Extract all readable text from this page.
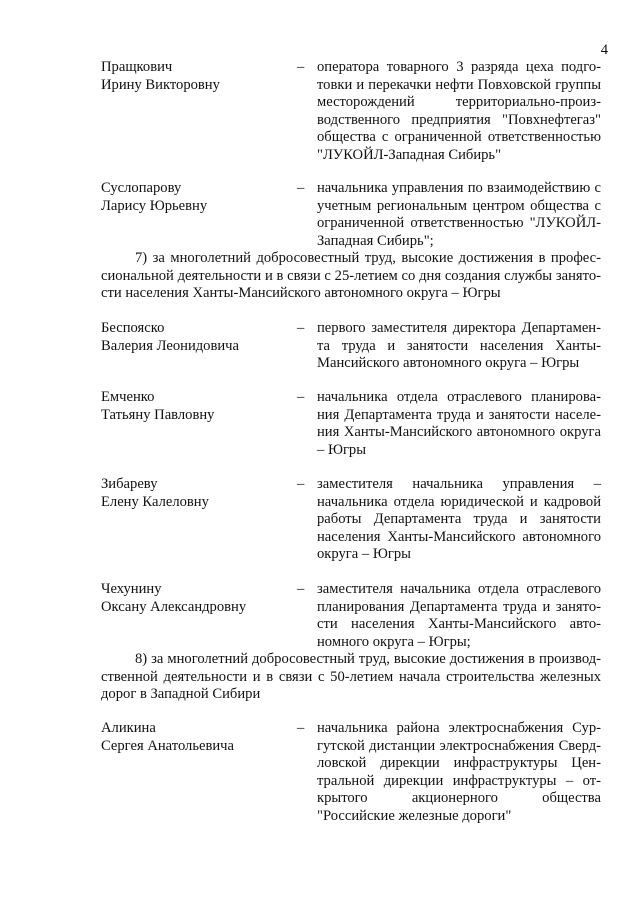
4
Пращкович
Ирину Викторовну
– оператора товарного 3 разряда цеха подготовки и перекачки нефти Повховской группы месторождений территориально-производственного предприятия "Повхнефтегаз" общества с ограниченной ответственностью "ЛУКОЙЛ-Западная Сибирь"
Суслопарову
Ларису Юрьевну
– начальника управления по взаимодействию с учетным региональным центром общества с ограниченной ответственностью "ЛУКОЙЛ-Западная Сибирь";
7) за многолетний добросовестный труд, высокие достижения в профессиональной деятельности и в связи с 25-летием со дня создания службы занятости населения Ханты-Мансийского автономного округа – Югры
Беспояско
Валерия Леонидовича
– первого заместителя директора Департамента труда и занятости населения Ханты-Мансийского автономного округа – Югры
Емченко
Татьяну Павловну
– начальника отдела отраслевого планирования Департамента труда и занятости населения Ханты-Мансийского автономного округа – Югры
Зибареву
Елену Калеловну
– заместителя начальника управления – начальника отдела юридической и кадровой работы Департамента труда и занятости населения Ханты-Мансийского автономного округа – Югры
Чехунину
Оксану Александровну
– заместителя начальника отдела отраслевого планирования Департамента труда и занятости населения Ханты-Мансийского автономного округа – Югры;
8) за многолетний добросовестный труд, высокие достижения в производственной деятельности и в связи с 50-летием начала строительства железных дорог в Западной Сибири
Аликина
Сергея Анатольевича
– начальника района электроснабжения Сургутской дистанции электроснабжения Свердловской дирекции инфраструктуры Центральной дирекции инфраструктуры – открытого акционерного общества "Российские железные дороги"
